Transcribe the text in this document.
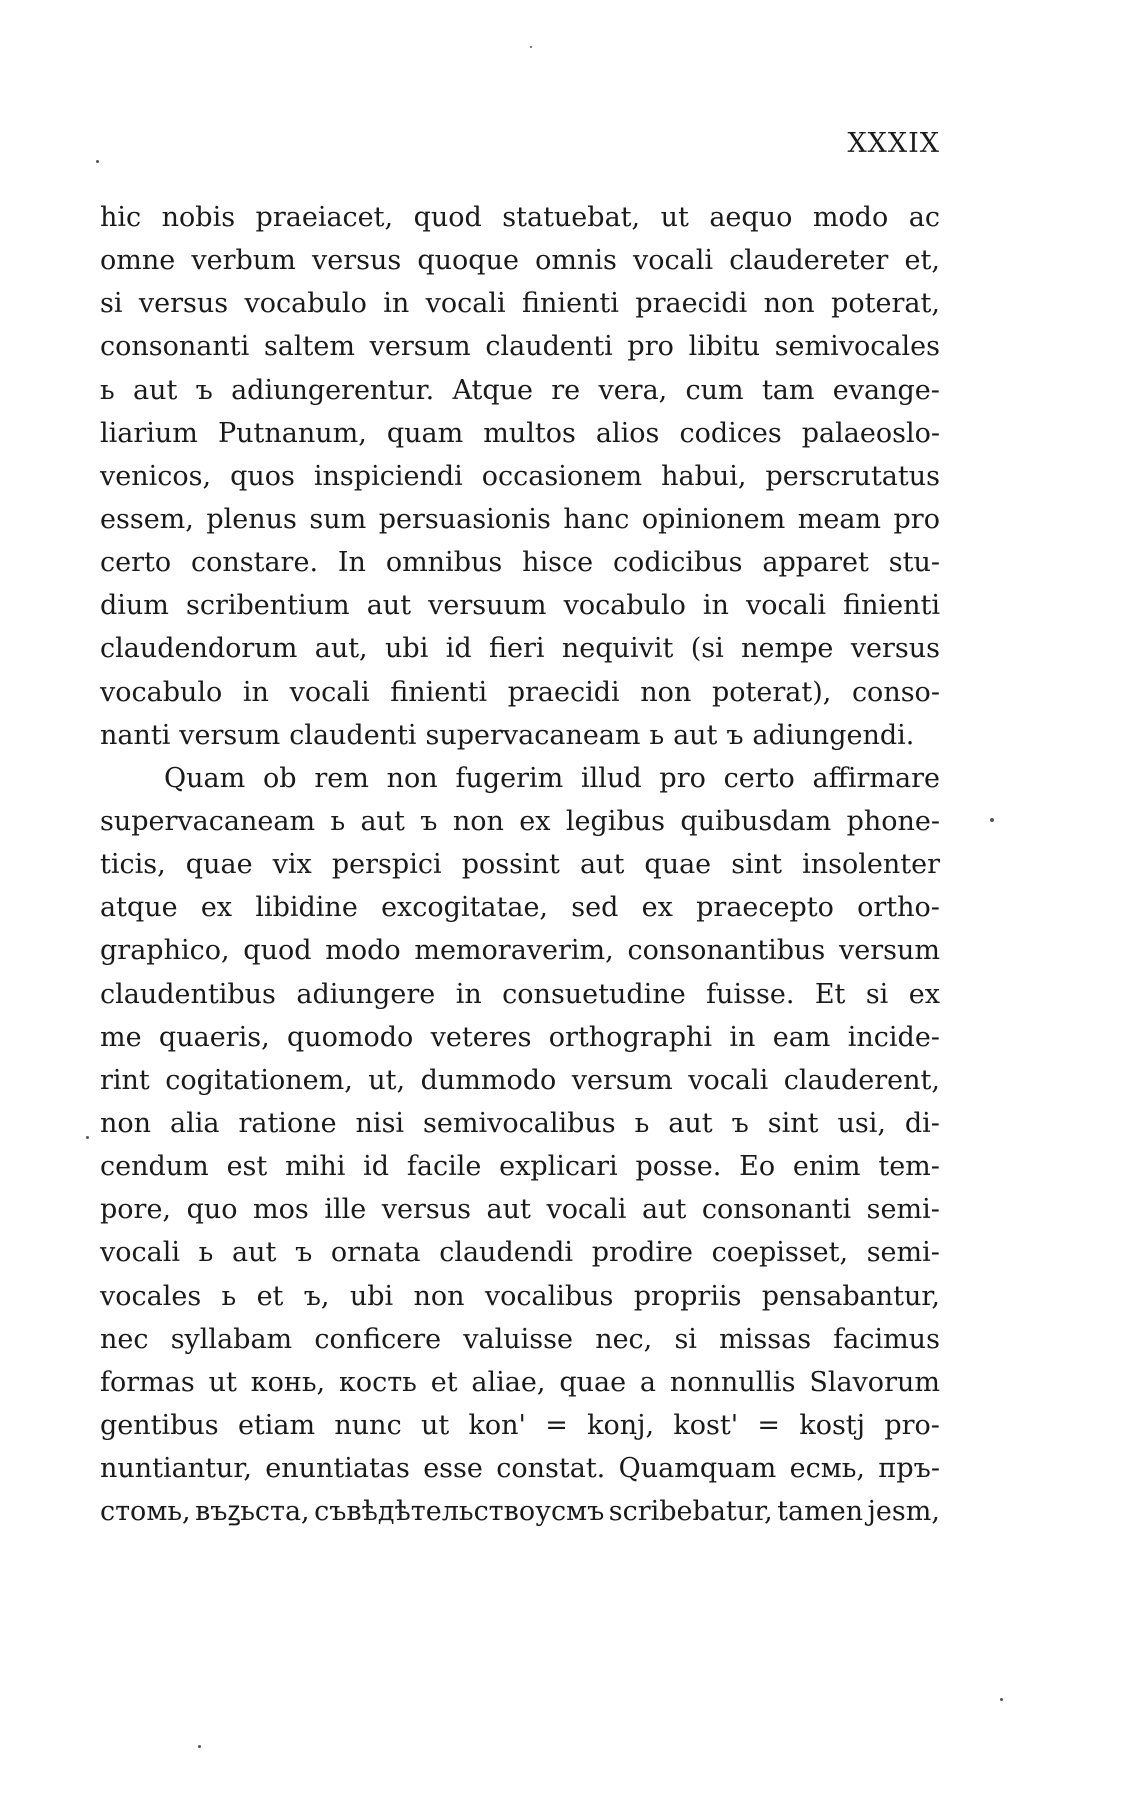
XXXIX
hic nobis praeiacet, quod statuebat, ut aequo modo ac
omne verbum versus quoque omnis vocali claudereter et,
si versus vocabulo in vocali finienti praecidi non poterat,
consonanti saltem versum claudenti pro libitu semivocales
ь aut ъ adiungerentur. Atque re vera, cum tam evange-
liarium Putnanum, quam multos alios codices palaeoslo-
venicos, quos inspiciendi occasionem habui, perscrutatus
essem, plenus sum persuasionis hanc opinionem meam pro
certo constare. In omnibus hisce codicibus apparet stu-
dium scribentium aut versuum vocabulo in vocali finienti
claudendorum aut, ubi id fieri nequivit (si nempe versus
vocabulo in vocali finienti praecidi non poterat), conso-
nanti versum claudenti supervacaneam ь aut ъ adiungendi.
Quam ob rem non fugerim illud pro certo affirmare
supervacaneam ь aut ъ non ex legibus quibusdam phone-
ticis, quae vix perspici possint aut quae sint insolenter
atque ex libidine excogitatae, sed ex praecepto ortho-
graphico, quod modo memoraverim, consonantibus versum
claudentibus adiungere in consuetudine fuisse. Et si ex
me quaeris, quomodo veteres orthographi in eam incide-
rint cogitationem, ut, dummodo versum vocali clauderent,
non alia ratione nisi semivocalibus ь aut ъ sint usi, di-
cendum est mihi id facile explicari posse. Eo enim tem-
pore, quo mos ille versus aut vocali aut consonanti semi-
vocali ь aut ъ ornata claudendi prodire coepisset, semi-
vocales ь et ъ, ubi non vocalibus propriis pensabantur,
nec syllabam conficere valuisse nec, si missas facimus
formas ut конь, кость et aliae, quae a nonnullis Slavorum
gentibus etiam nunc ut kon' = konj, kost' = kostj pro-
nuntiantur, enuntiatas esse constat. Quamquam есмь, пръ-
стомь, въꙁьста, съвѣдѣтельствоусмъ scribebatur, tamen jesm,
